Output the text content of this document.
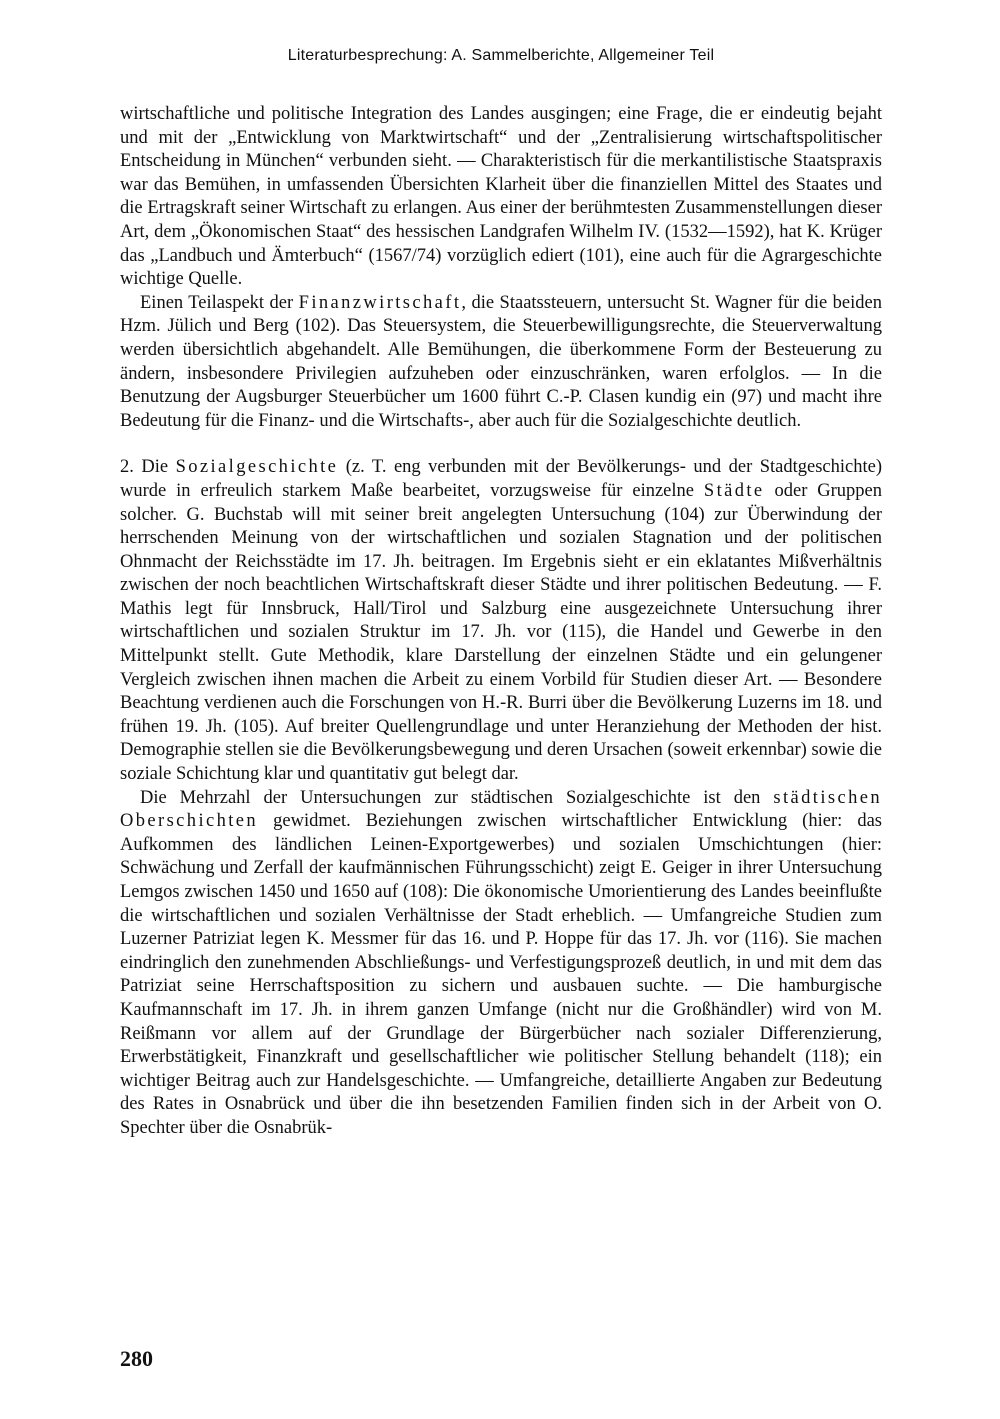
Literaturbesprechung: A. Sammelberichte, Allgemeiner Teil

wirtschaftliche und politische Integration des Landes ausgingen; eine Frage, die er eindeutig bejaht und mit der „Entwicklung von Marktwirtschaft“ und der „Zentralisierung wirtschaftspolitischer Entscheidung in München“ verbunden sieht. — Charakteristisch für die merkantilistische Staatspraxis war das Bemühen, in umfassenden Übersichten Klarheit über die finanziellen Mittel des Staates und die Ertragskraft seiner Wirtschaft zu erlangen. Aus einer der berühmtesten Zusammenstellungen dieser Art, dem „Ökonomischen Staat“ des hessischen Landgrafen Wilhelm IV. (1532—1592), hat K. Krüger das „Landbuch und Ämterbuch“ (1567/74) vorzüglich ediert (101), eine auch für die Agrargeschichte wichtige Quelle.

Einen Teilaspekt der Finanzwirtschaft, die Staatssteuern, untersucht St. Wagner für die beiden Hzm. Jülich und Berg (102). Das Steuersystem, die Steuerbewilligungsrechte, die Steuerverwaltung werden übersichtlich abgehandelt. Alle Bemühungen, die überkommene Form der Besteuerung zu ändern, insbesondere Privilegien aufzuheben oder einzuschränken, waren erfolglos. — In die Benutzung der Augsburger Steuerbücher um 1600 führt C.-P. Clasen kundig ein (97) und macht ihre Bedeutung für die Finanz- und die Wirtschafts-, aber auch für die Sozialgeschichte deutlich.

2. Die Sozialgeschichte (z. T. eng verbunden mit der Bevölkerungs- und der Stadtgeschichte) wurde in erfreulich starkem Maße bearbeitet, vorzugsweise für einzelne Städte oder Gruppen solcher. G. Buchstab will mit seiner breit angelegten Untersuchung (104) zur Überwindung der herrschenden Meinung von der wirtschaftlichen und sozialen Stagnation und der politischen Ohnmacht der Reichsstädte im 17. Jh. beitragen. Im Ergebnis sieht er ein eklatantes Mißverhältnis zwischen der noch beachtlichen Wirtschaftskraft dieser Städte und ihrer politischen Bedeutung. — F. Mathis legt für Innsbruck, Hall/Tirol und Salzburg eine ausgezeichnete Untersuchung ihrer wirtschaftlichen und sozialen Struktur im 17. Jh. vor (115), die Handel und Gewerbe in den Mittelpunkt stellt. Gute Methodik, klare Darstellung der einzelnen Städte und ein gelungener Vergleich zwischen ihnen machen die Arbeit zu einem Vorbild für Studien dieser Art. — Besondere Beachtung verdienen auch die Forschungen von H.-R. Burri über die Bevölkerung Luzerns im 18. und frühen 19. Jh. (105). Auf breiter Quellengrundlage und unter Heranziehung der Methoden der hist. Demographie stellen sie die Bevölkerungsbewegung und deren Ursachen (soweit erkennbar) sowie die soziale Schichtung klar und quantitativ gut belegt dar.

Die Mehrzahl der Untersuchungen zur städtischen Sozialgeschichte ist den städtischen Oberschichten gewidmet. Beziehungen zwischen wirtschaftlicher Entwicklung (hier: das Aufkommen des ländlichen Leinen-Exportgewerbes) und sozialen Umschichtungen (hier: Schwächung und Zerfall der kaufmännischen Führungsschicht) zeigt E. Geiger in ihrer Untersuchung Lemgos zwischen 1450 und 1650 auf (108): Die ökonomische Umorientierung des Landes beeinflußte die wirtschaftlichen und sozialen Verhältnisse der Stadt erheblich. — Umfangreiche Studien zum Luzerner Patriziat legen K. Messmer für das 16. und P. Hoppe für das 17. Jh. vor (116). Sie machen eindringlich den zunehmenden Abschließungs- und Verfestigungsprozeß deutlich, in und mit dem das Patriziat seine Herrschaftsposition zu sichern und ausbauen suchte. — Die hamburgische Kaufmannschaft im 17. Jh. in ihrem ganzen Umfange (nicht nur die Großhändler) wird von M. Reißmann vor allem auf der Grundlage der Bürgerbücher nach sozialer Differenzierung, Erwerbstätigkeit, Finanzkraft und gesellschaftlicher wie politischer Stellung behandelt (118); ein wichtiger Beitrag auch zur Handelsgeschichte. — Umfangreiche, detaillierte Angaben zur Bedeutung des Rates in Osnabrück und über die ihn besetzenden Familien finden sich in der Arbeit von O. Spechter über die Osnabrük-

280
